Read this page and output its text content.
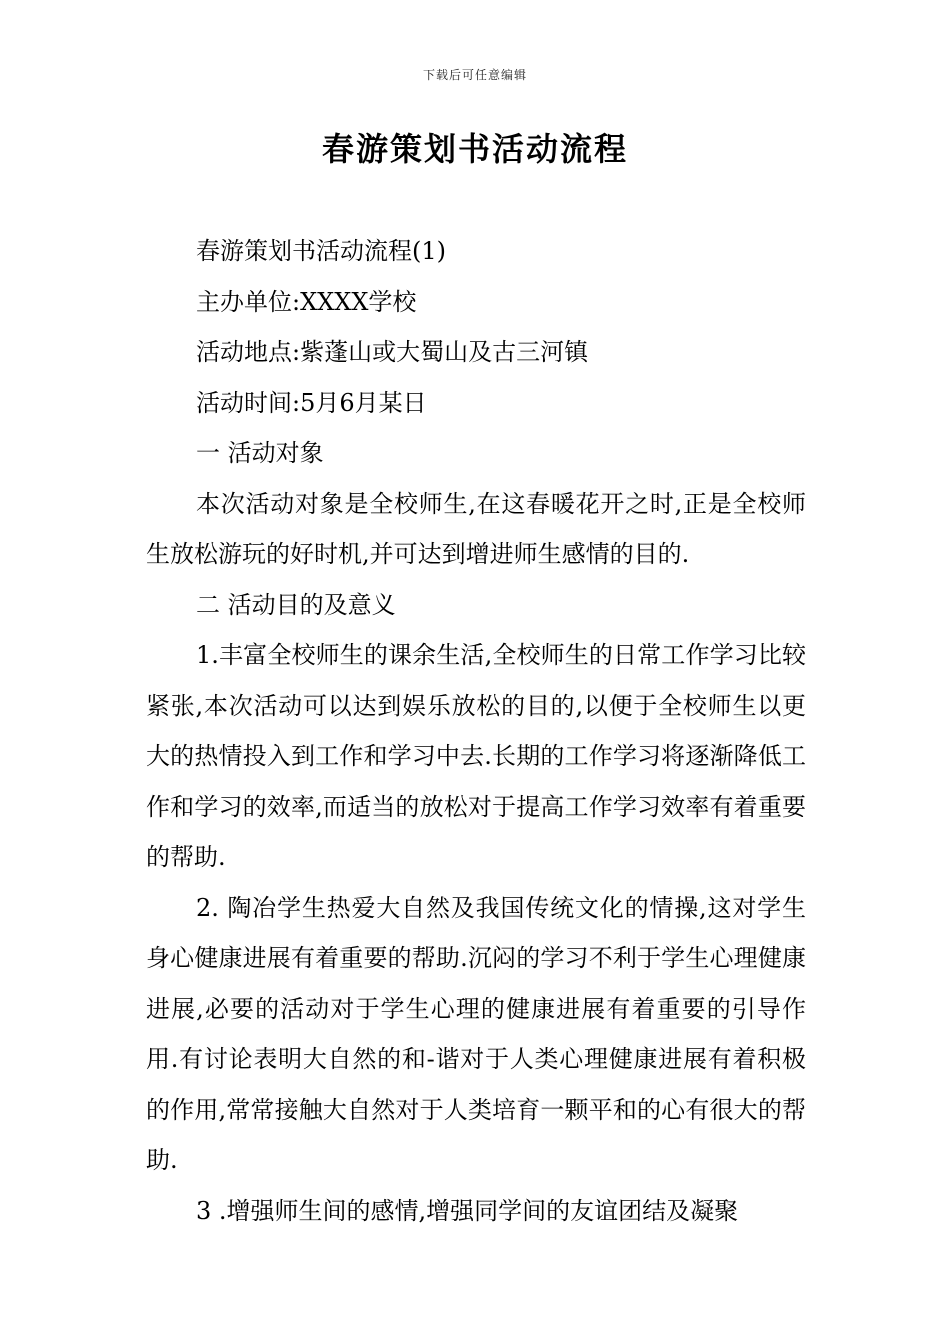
下载后可任意编辑
春游策划书活动流程

春游策划书活动流程(1)

主办单位:XXXX学校

活动地点:紫蓬山或大蜀山及古三河镇

活动时间:5月6月某日

一 活动对象

本次活动对象是全校师生,在这春暖花开之时,正是全校师生放松游玩的好时机,并可达到增进师生感情的目的.

二 活动目的及意义

1.丰富全校师生的课余生活,全校师生的日常工作学习比较紧张,本次活动可以达到娱乐放松的目的,以便于全校师生以更大的热情投入到工作和学习中去.长期的工作学习将逐渐降低工作和学习的效率,而适当的放松对于提高工作学习效率有着重要的帮助.

2. 陶冶学生热爱大自然及我国传统文化的情操,这对学生身心健康进展有着重要的帮助.沉闷的学习不利于学生心理健康进展,必要的活动对于学生心理的健康进展有着重要的引导作用.有讨论表明大自然的和-谐对于人类心理健康进展有着积极的作用,常常接触大自然对于人类培育一颗平和的心有很大的帮助.

3 .增强师生间的感情,增强同学间的友谊团结及凝聚
